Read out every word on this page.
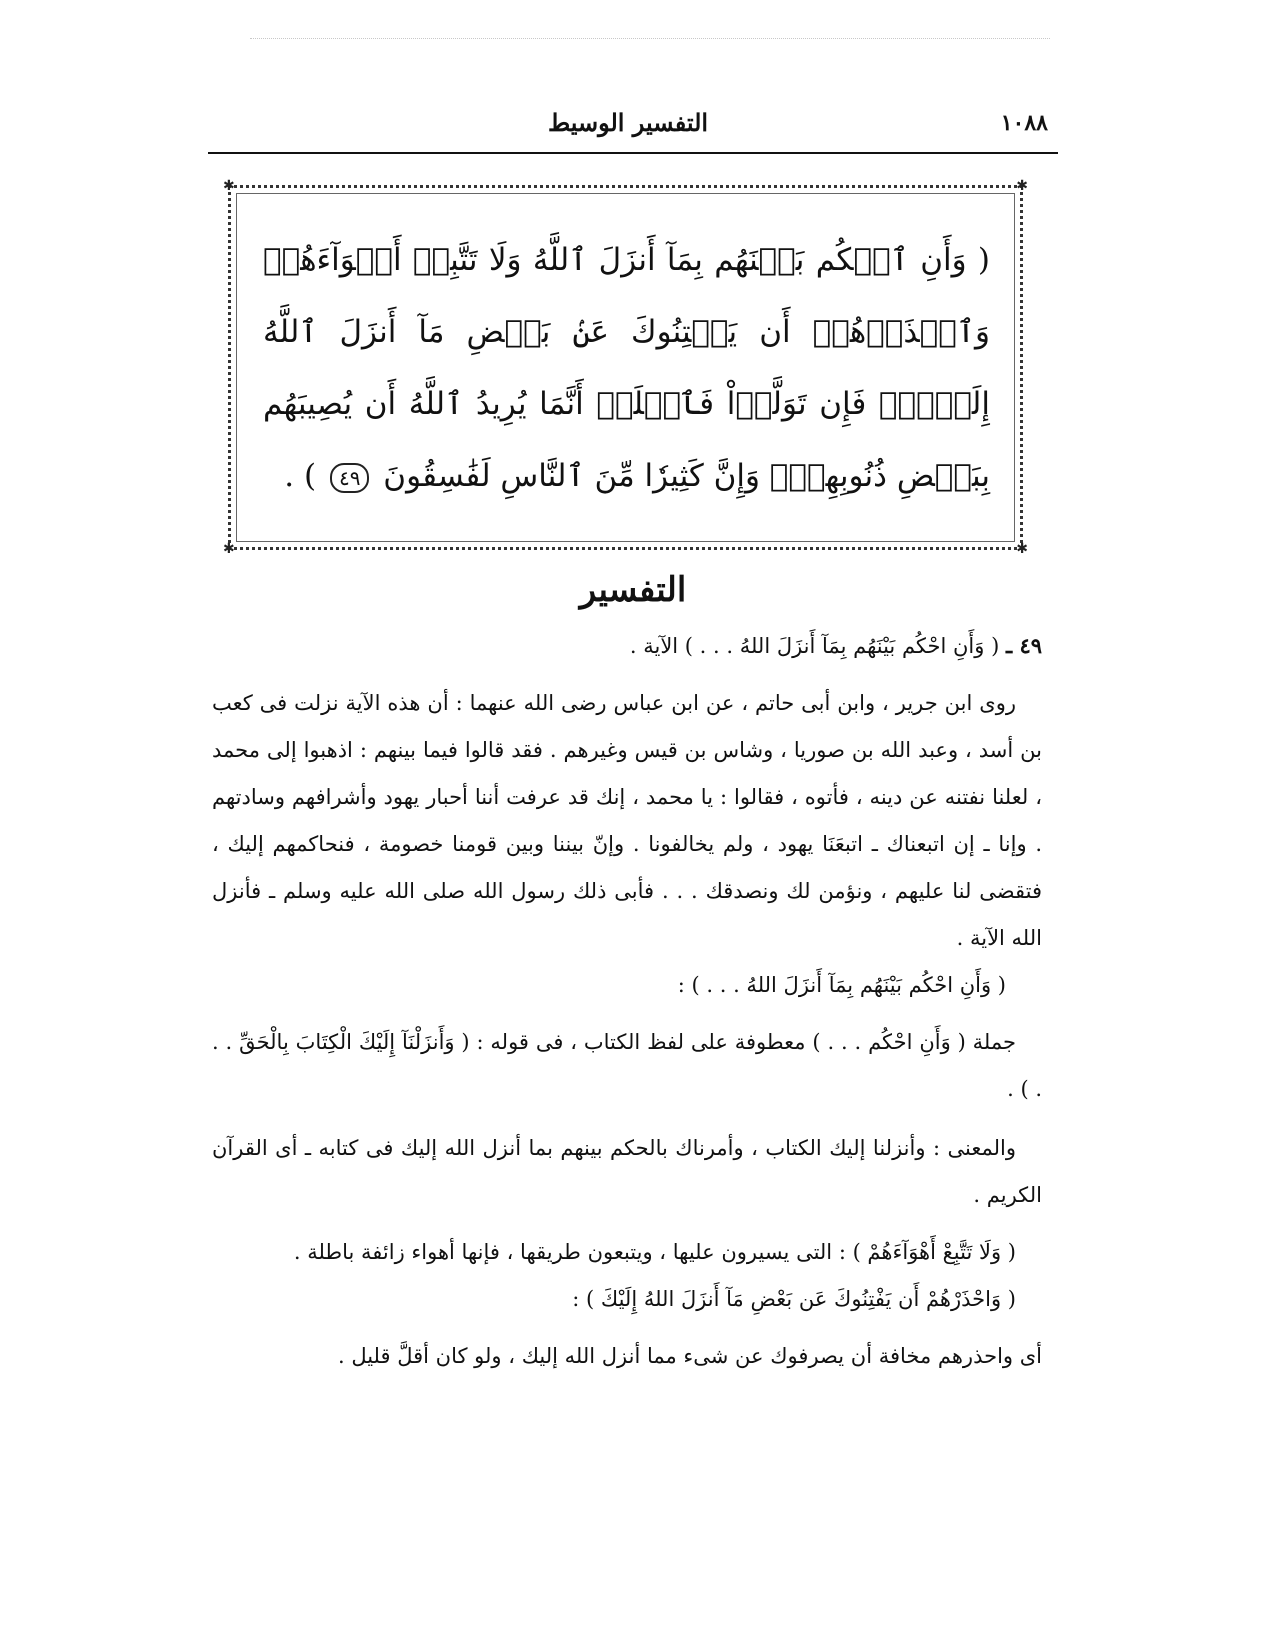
١٠٨٨
التفسير الوسيط
✱	✱
✱	✱
( وَأَنِ ٱحۡكُم بَيۡنَهُم بِمَآ أَنزَلَ ٱللَّهُ وَلَا تَتَّبِعۡ أَهۡوَآءَهُمۡ وَٱحۡذَرۡهُمۡ أَن يَفۡتِنُوكَ عَنۢ بَعۡضِ مَآ أَنزَلَ ٱللَّهُ إِلَيۡكَۖ فَإِن تَوَلَّوۡاْ فَٱعۡلَمۡ أَنَّمَا يُرِيدُ ٱللَّهُ أَن يُصِيبَهُم بِبَعۡضِ ذُنُوبِهِمۡۗ وَإِنَّ كَثِيرٗا مِّنَ ٱلنَّاسِ لَفَٰسِقُونَ ٤٩ ) .
التفسير

٤٩ ـ ( وَأَنِ احْكُم بَيْنَهُم بِمَآ أَنزَلَ اللهُ . . . ) الآية .

روى ابن جرير ، وابن أبى حاتم ، عن ابن عباس رضى الله عنهما : أن هذه الآية نزلت فى كعب بن أسد ، وعبد الله بن صوريا ، وشاس بن قيس وغيرهم . فقد قالوا فيما بينهم : اذهبوا إلى محمد ، لعلنا نفتنه عن دينه ، فأتوه ، فقالوا : يا محمد ، إنك قد عرفت أننا أحبار يهود وأشرافهم وسادتهم . وإنا ـ إن اتبعناك ـ اتبعَنَا يهود ، ولم يخالفونا . وإنّ بيننا وبين قومنا خصومة ، فنحاكمهم إليك ، فتقضى لنا عليهم ، ونؤمن لك ونصدقك . . . فأبى ذلك رسول الله صلى الله عليه وسلم ـ فأنزل الله الآية .

( وَأَنِ احْكُم بَيْنَهُم بِمَآ أَنزَلَ اللهُ . . . ) :

جملة ( وَأَنِ احْكُم . . . ) معطوفة على لفظ الكتاب ، فى قوله : ( وَأَنزَلْنَآ إِلَيْكَ الْكِتَابَ بِالْحَقِّ . . . ) .

والمعنى : وأنزلنا إليك الكتاب ، وأمرناك بالحكم بينهم بما أنزل الله إليك فى كتابه ـ أى القرآن الكريم .

( وَلَا تَتَّبِعْ أَهْوَآءَهُمْ ) : التى يسيرون عليها ، ويتبعون طريقها ، فإنها أهواء زائفة باطلة .

( وَاحْذَرْهُمْ أَن يَفْتِنُوكَ عَن بَعْضِ مَآ أَنزَلَ اللهُ إِلَيْكَ ) :

أى واحذرهم مخافة أن يصرفوك عن شىء مما أنزل الله إليك ، ولو كان أقلَّ قليل .
